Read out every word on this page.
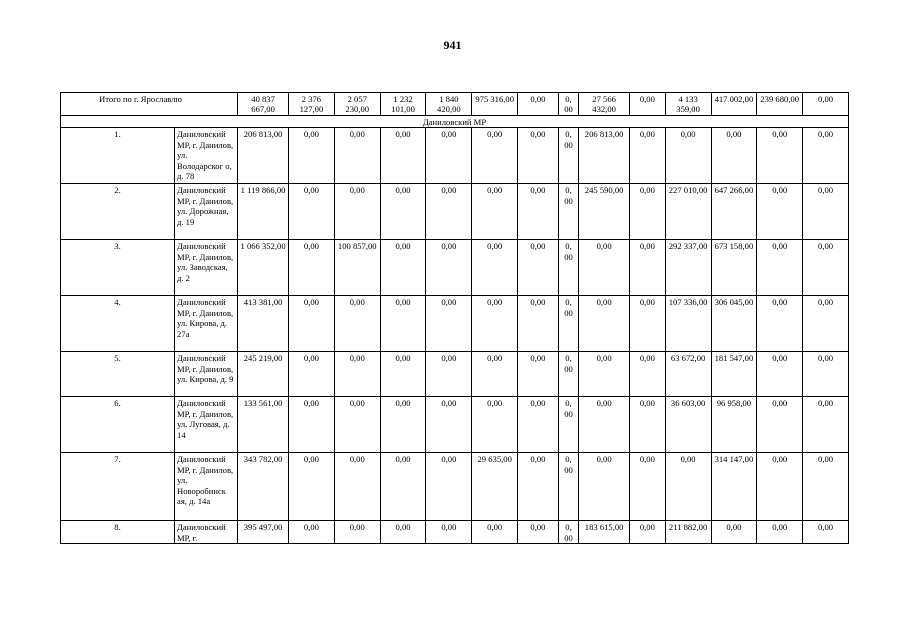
941
Итого по г. Ярославлю		40 837 667,00	2 376 127,00	2 057 230,00	1 232 101,00	1 840 420,00	975 316,00	0,00	0, 00	27 566 432,00	0,00	4 133 359,00	417 002,00	239 680,00	0,00
Даниловский МР															
1.	Даниловский МР, г. Данилов, ул. Володарског о, д. 78	206 813,00	0,00	0,00	0,00	0,00	0,00	0,00	0, 00	206 813,00	0,00	0,00	0,00	0,00	0,00
2.	Даниловский МР, г. Данилов, ул. Дорожная, д. 19	1 119 866,00	0,00	0,00	0,00	0,00	0,00	0,00	0, 00	245 590,00	0,00	227 010,00	647 266,00	0,00	0,00
3.	Даниловский МР, г. Данилов, ул. Заводская, д. 2	1 066 352,00	0,00	100 857,00	0,00	0,00	0,00	0,00	0, 00	0,00	0,00	292 337,00	673 158,00	0,00	0,00
4.	Даниловский МР, г. Данилов, ул. Кирова, д. 27а	413 381,00	0,00	0,00	0,00	0,00	0,00	0,00	0, 00	0,00	0,00	107 336,00	306 045,00	0,00	0,00
5.	Даниловский МР, г. Данилов, ул. Кирова, д. 9	245 219,00	0,00	0,00	0,00	0,00	0,00	0,00	0, 00	0,00	0,00	63 672,00	181 547,00	0,00	0,00
6.	Даниловский МР, г. Данилов, ул. Луговая, д. 14	133 561,00	0,00	0,00	0,00	0,00	0,00	0,00	0, 00	0,00	0,00	36 603,00	96 958,00	0,00	0,00
7.	Даниловский МР, г. Данилов, ул. Новоробинск ая, д. 14а	343 782,00	0,00	0,00	0,00	0,00	29 635,00	0,00	0, 00	0,00	0,00	0,00	314 147,00	0,00	0,00
8.	Даниловский МР, г.	395 497,00	0,00	0,00	0,00	0,00	0,00	0,00	0, 00	183 615,00	0,00	211 882,00	0,00	0,00	0,00
